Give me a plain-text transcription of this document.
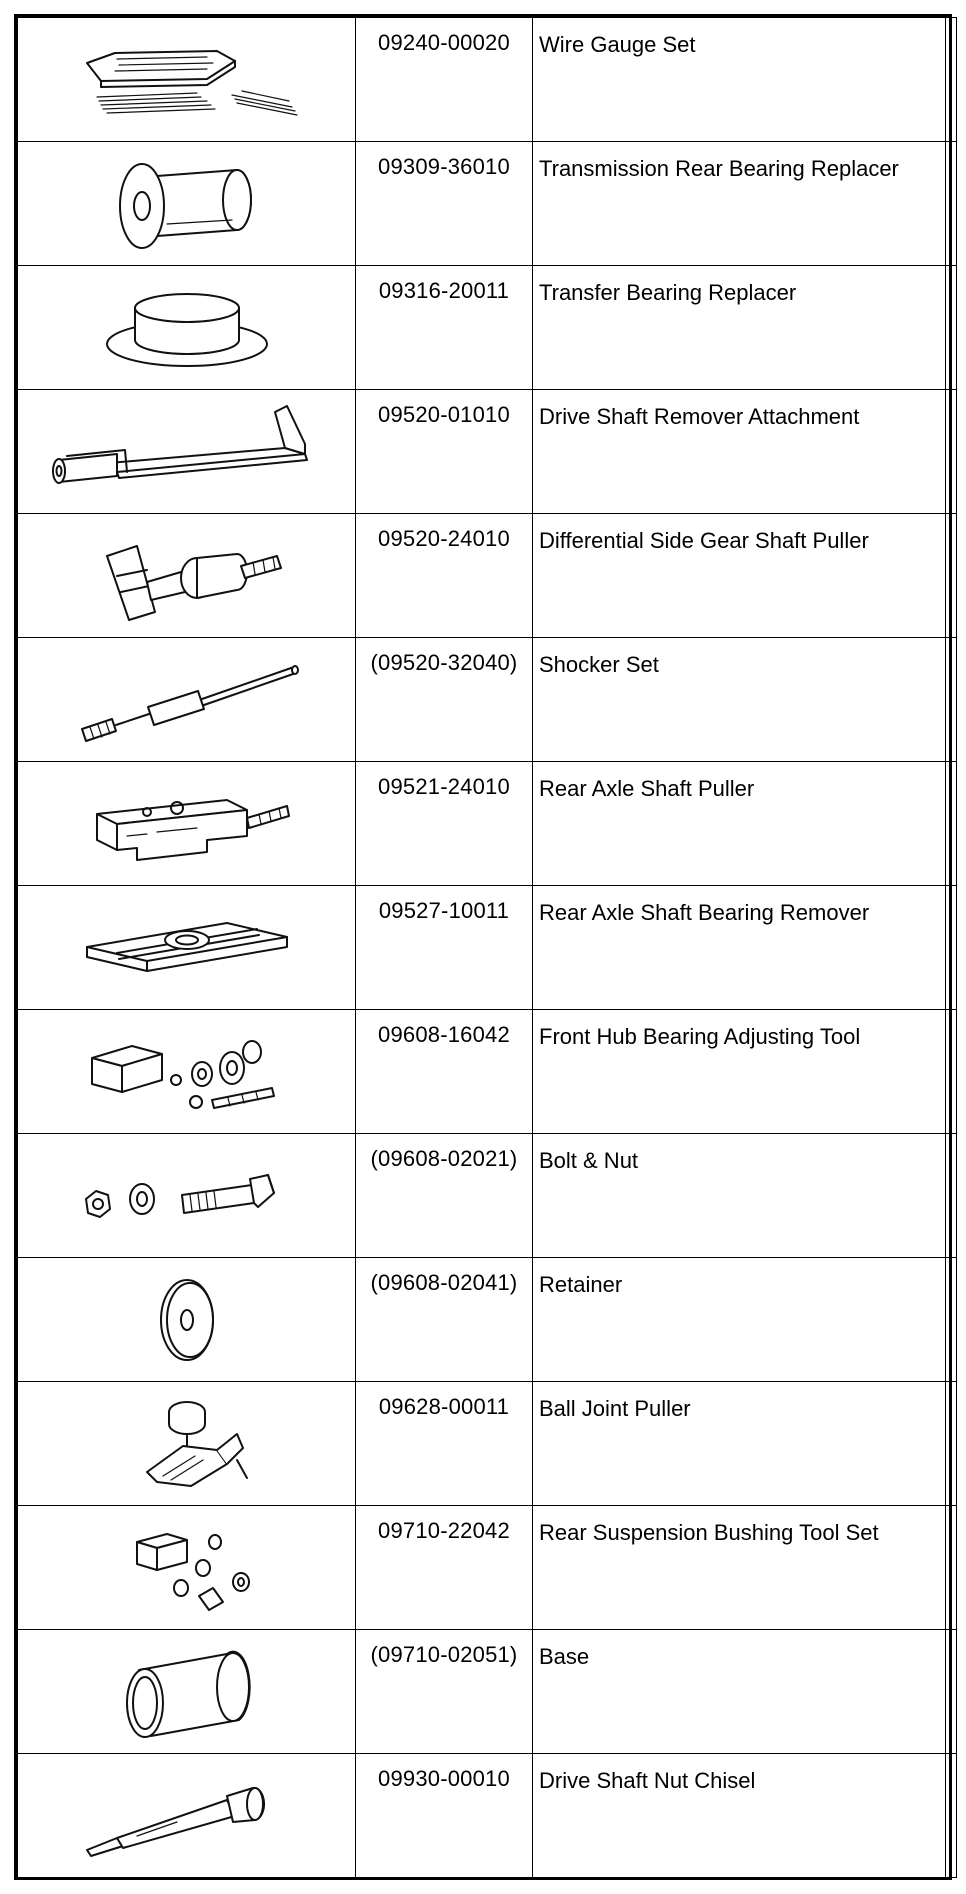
	09240-00020	Wire Gauge Set	

	09309-36010	Transmission Rear Bearing Replacer	

	09316-20011	Transfer Bearing Replacer	

	09520-01010	Drive Shaft Remover Attachment	

	09520-24010	Differential Side Gear Shaft Puller	

	(09520-32040)	Shocker Set	

	09521-24010	Rear Axle Shaft Puller	

	09527-10011	Rear Axle Shaft Bearing Remover	

	09608-16042	Front Hub Bearing Adjusting Tool	

	(09608-02021)	Bolt & Nut	

	(09608-02041)	Retainer	

	09628-00011	Ball Joint Puller	

	09710-22042	Rear Suspension Bushing Tool Set	

	(09710-02051)	Base	

	09930-00010	Drive Shaft Nut Chisel	
